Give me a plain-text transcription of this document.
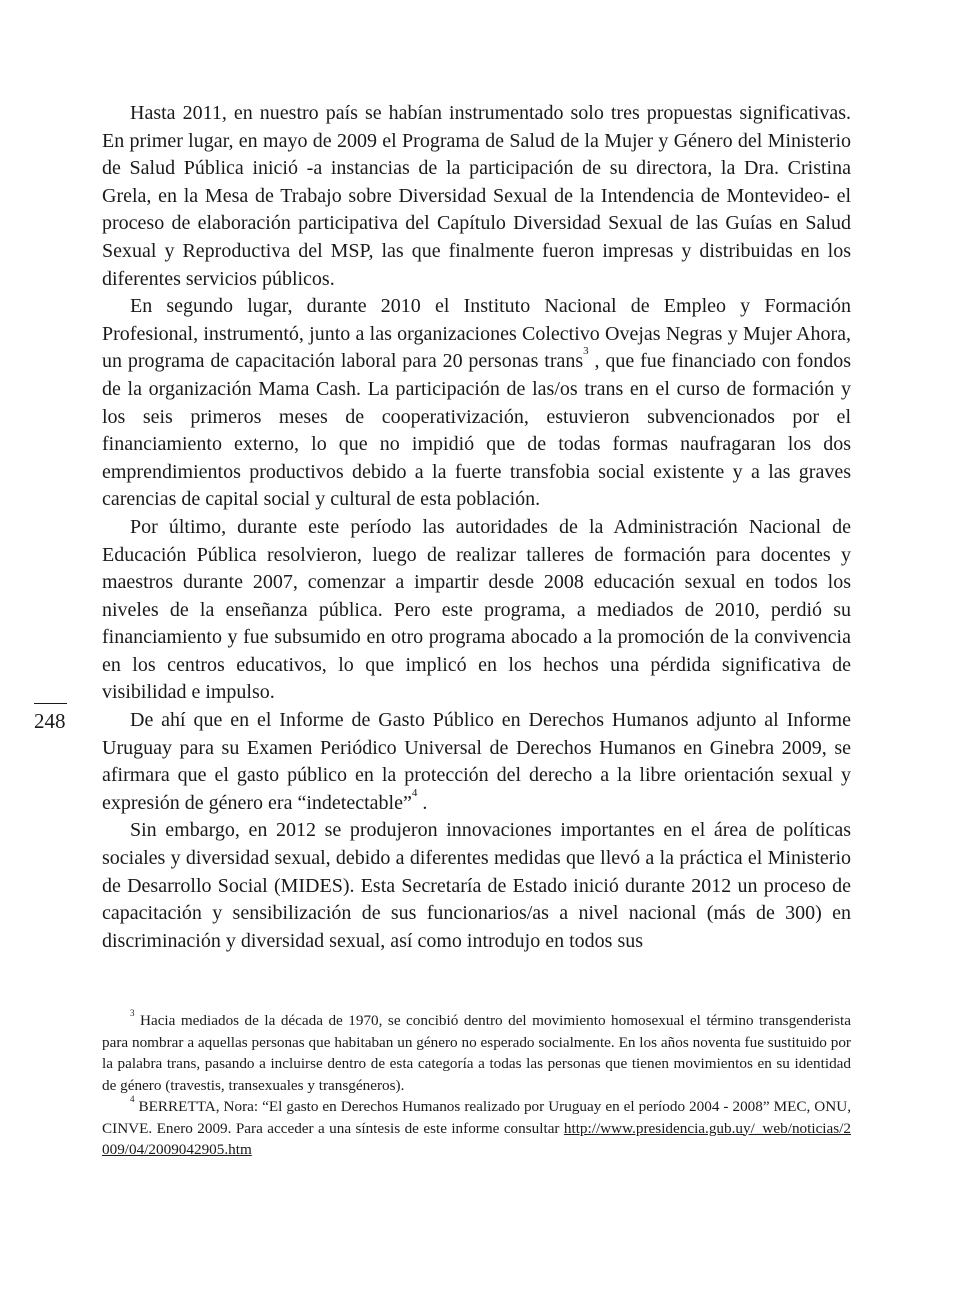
248

Hasta 2011, en nuestro país se habían instrumentado solo tres propuestas significativas. En primer lugar, en mayo de 2009 el Programa de Salud de la Mujer y Género del Ministerio de Salud Pública inició -a instancias de la participación de su directora, la Dra. Cristina Grela, en la Mesa de Trabajo sobre Diversidad Sexual de la Intendencia de Montevideo- el proceso de elaboración participativa del Capítulo Diversidad Sexual de las Guías en Salud Sexual y Reproductiva del MSP, las que finalmente fueron impresas y distribuidas en los diferentes servicios públicos.

En segundo lugar, durante 2010 el Instituto Nacional de Empleo y Formación Profesional, instrumentó, junto a las organizaciones Colectivo Ovejas Negras y Mujer Ahora, un programa de capacitación laboral para 20 personas trans$^3$ , que fue financiado con fondos de la organización Mama Cash. La participación de las/os trans en el curso de formación y los seis primeros meses de cooperativización, estuvieron subvencionados por el financiamiento externo, lo que no impidió que de todas formas naufragaran los dos emprendimientos productivos debido a la fuerte transfobia social existente y a las graves carencias de capital social y cultural de esta población.

Por último, durante este período las autoridades de la Administración Nacional de Educación Pública resolvieron, luego de realizar talleres de formación para docentes y maestros durante 2007, comenzar a impartir desde 2008 educación sexual en todos los niveles de la enseñanza pública. Pero este programa, a mediados de 2010, perdió su financiamiento y fue subsumido en otro programa abocado a la promoción de la convivencia en los centros educativos, lo que implicó en los hechos una pérdida significativa de visibilidad e impulso.

De ahí que en el Informe de Gasto Público en Derechos Humanos adjunto al Informe Uruguay para su Examen Periódico Universal de Derechos Humanos en Ginebra 2009, se afirmara que el gasto público en la protección del derecho a la libre orientación sexual y expresión de género era “indetectable”$^4$ .

Sin embargo, en 2012 se produjeron innovaciones importantes en el área de políticas sociales y diversidad sexual, debido a diferentes medidas que llevó a la práctica el Ministerio de Desarrollo Social (MIDES). Esta Secretaría de Estado inició durante 2012 un proceso de capacitación y sensibilización de sus funcionarios/as a nivel nacional (más de 300) en discriminación y diversidad sexual, así como introdujo en todos sus

$^3$ Hacia mediados de la década de 1970, se concibió dentro del movimiento homosexual el término transgenderista para nombrar a aquellas personas que habitaban un género no esperado socialmente. En los años noventa fue sustituido por la palabra trans, pasando a incluirse dentro de esta categoría a todas las personas que tienen movimientos en su identidad de género (travestis, transexuales y transgéneros).

$^4$ BERRETTA, Nora: “El gasto en Derechos Humanos realizado por Uruguay en el período 2004 - 2008” MEC, ONU, CINVE. Enero 2009. Para acceder a una síntesis de este informe consultar http://www.presidencia.gub.uy/_web/noticias/2009/04/2009042905.htm
